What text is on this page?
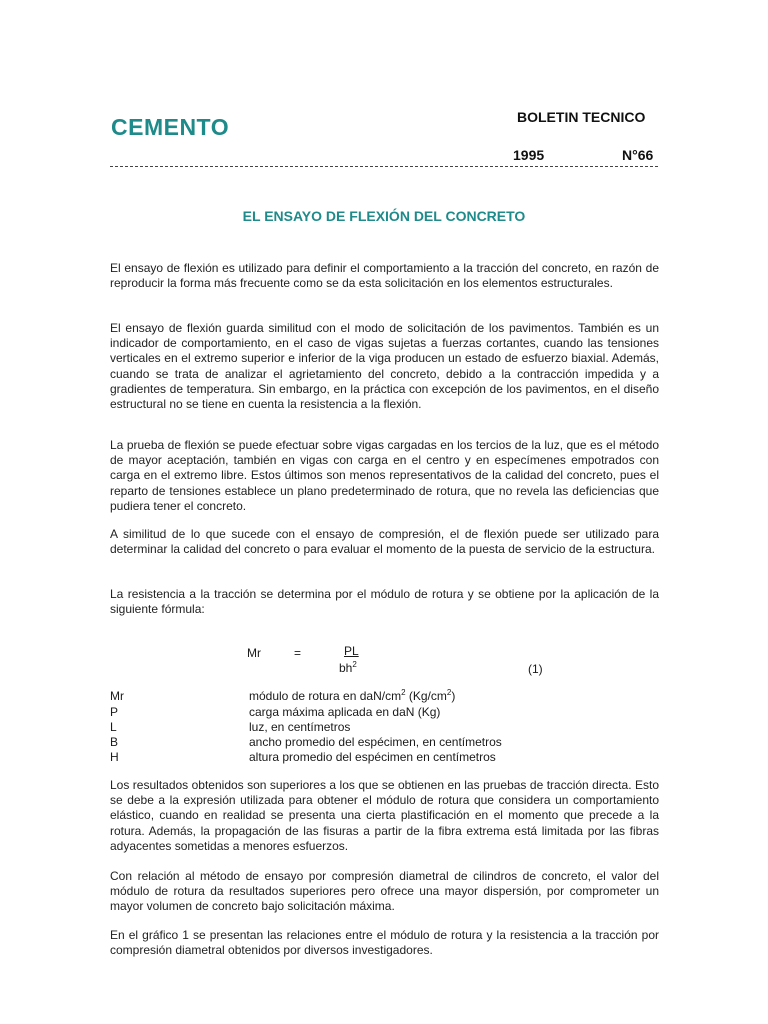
CEMENTO	BOLETIN TECNICO
1995	N°66
EL ENSAYO DE FLEXIÓN DEL CONCRETO

El ensayo de flexión es utilizado para definir el comportamiento a la tracción del concreto, en razón de reproducir la forma más frecuente como se da esta solicitación en los elementos estructurales.

El ensayo de flexión guarda similitud con el modo de solicitación de los pavimentos. También es un indicador de comportamiento, en el caso de vigas sujetas a fuerzas cortantes, cuando las tensiones verticales en el extremo superior e inferior de la viga producen un estado de esfuerzo biaxial. Además, cuando se trata de analizar el agrietamiento del concreto, debido a la contracción impedida y a gradientes de temperatura. Sin embargo, en la práctica con excepción de los pavimentos, en el diseño estructural no se tiene en cuenta la resistencia a la flexión.

La prueba de flexión se puede efectuar sobre vigas cargadas en los tercios de la luz, que es el método de mayor aceptación, también en vigas con carga en el centro y en especímenes empotrados con carga en el extremo libre. Estos últimos son menos representativos de la calidad del concreto, pues el reparto de tensiones establece un plano predeterminado de rotura, que no revela las deficiencias que pudiera tener el concreto.

A similitud de lo que sucede con el ensayo de compresión, el de flexión puede ser utilizado para determinar la calidad del concreto o para evaluar el momento de la puesta de servicio de la estructura.

La resistencia a la tracción se determina por el módulo de rotura y se obtiene por la aplicación de la siguiente fórmula:

Mr	=	PL
$bh^2$	(1)
Mr	módulo de rotura en daN/$cm^2$ $(Kg/cm^2)$
P	carga máxima aplicada en daN (Kg)
L	luz, en centímetros
B	ancho promedio del espécimen, en centímetros
H	altura promedio del espécimen en centímetros

Los resultados obtenidos son superiores a los que se obtienen en las pruebas de tracción directa. Esto se debe a la expresión utilizada para obtener el módulo de rotura que considera un comportamiento elástico, cuando en realidad se presenta una cierta plastificación en el momento que precede a la rotura. Además, la propagación de las fisuras a partir de la fibra extrema está limitada por las fibras adyacentes sometidas a menores esfuerzos.

Con relación al método de ensayo por compresión diametral de cilindros de concreto, el valor del módulo de rotura da resultados superiores pero ofrece una mayor dispersión, por comprometer un mayor volumen de concreto bajo solicitación máxima.

En el gráfico 1 se presentan las relaciones entre el módulo de rotura y la resistencia a la tracción por compresión diametral obtenidos por diversos investigadores.
